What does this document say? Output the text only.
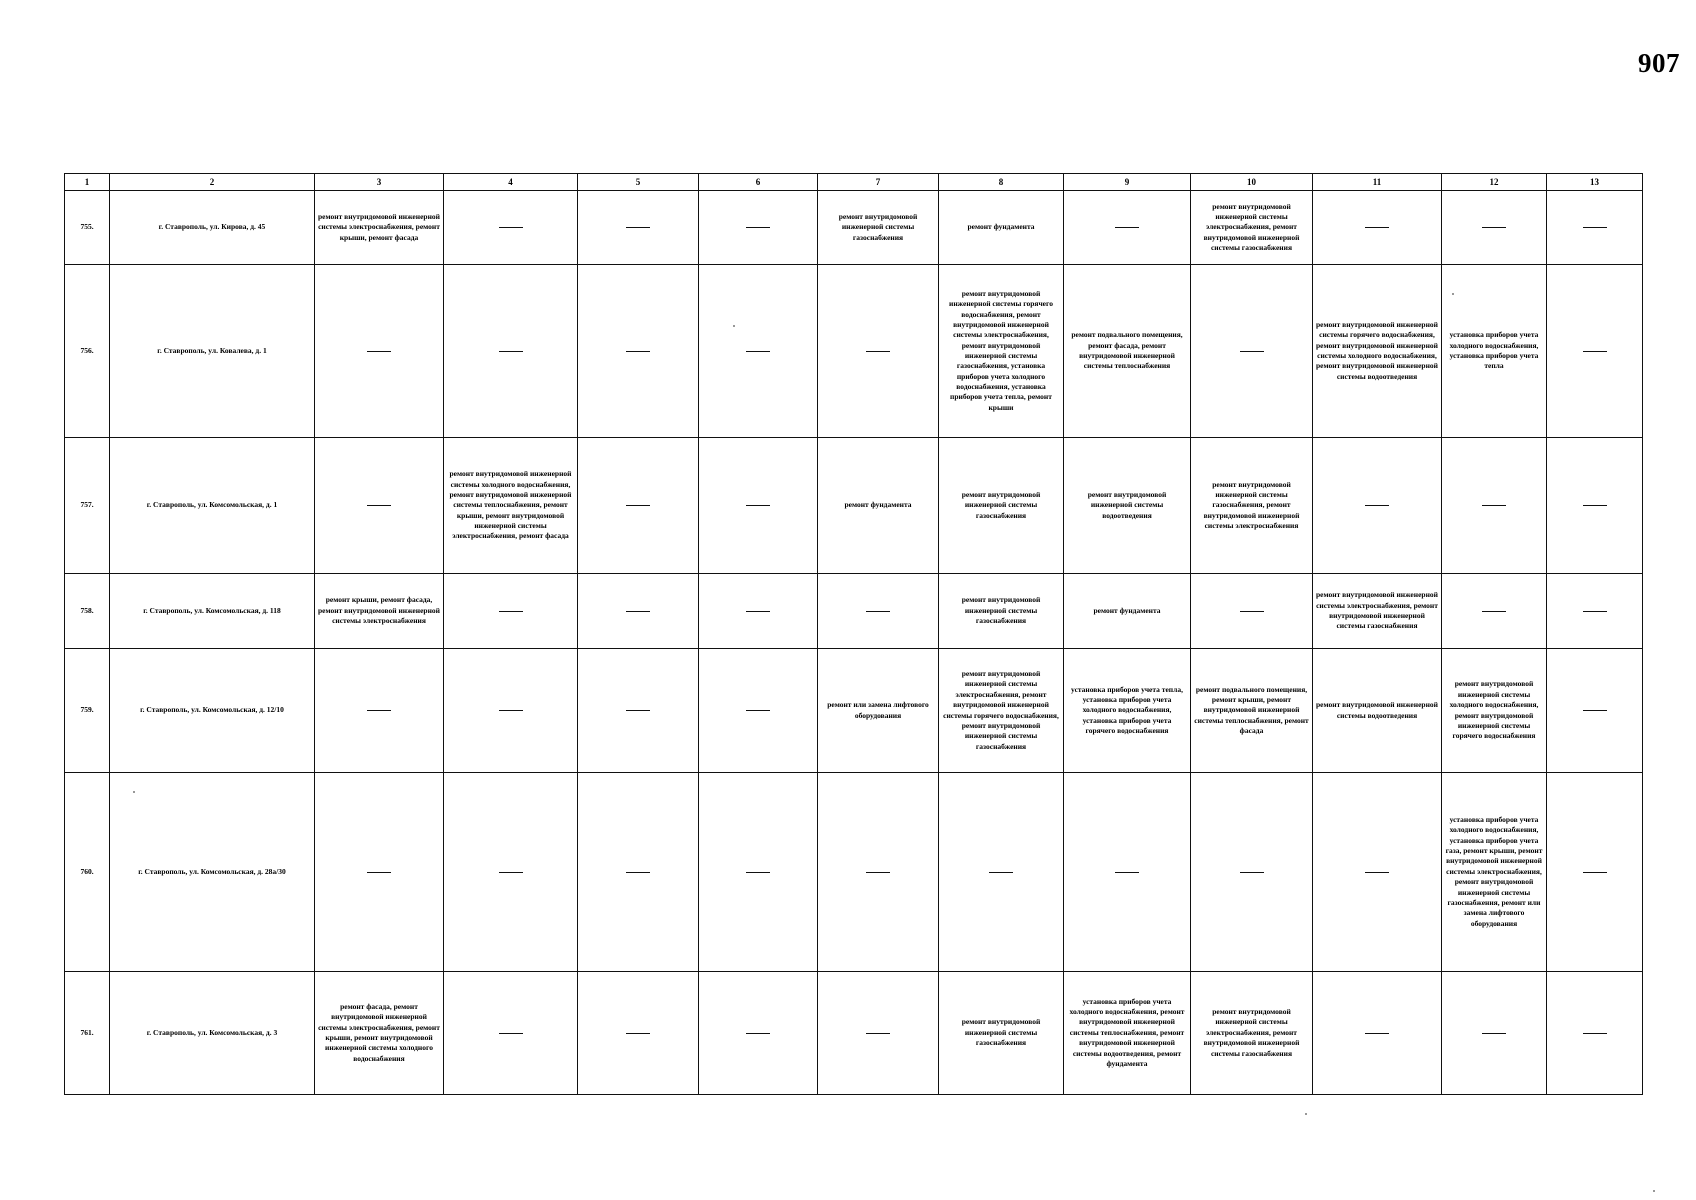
907
1	2	3	4	5	6	7	8	9	10	11	12	13
755.	г. Ставрополь, ул. Кирова, д. 45	ремонт внутридомовой инженерной системы электроснабжения, ремонт крыши, ремонт фасада				ремонт внутридомовой инженерной системы газоснабжения	ремонт фундамента		ремонт внутридомовой инженерной системы электроснабжения, ремонт внутридомовой инженерной системы газоснабжения			

756.	г. Ставрополь, ул. Ковалева, д. 1						ремонт внутридомовой инженерной системы горячего водоснабжения, ремонт внутридомовой инженерной системы электроснабжения, ремонт внутридомовой инженерной системы газоснабжения, установка приборов учета холодного водоснабжения, установка приборов учета тепла, ремонт крыши	ремонт подвального помещения, ремонт фасада, ремонт внутридомовой инженерной системы теплоснабжения		ремонт внутридомовой инженерной системы горячего водоснабжения, ремонт внутридомовой инженерной системы холодного водоснабжения, ремонт внутридомовой инженерной системы водоотведения	установка приборов учета холодного водоснабжения, установка приборов учета тепла	

757.	г. Ставрополь, ул. Комсомольская, д. 1		ремонт внутридомовой инженерной системы холодного водоснабжения, ремонт внутридомовой инженерной системы теплоснабжения, ремонт крыши, ремонт внутридомовой инженерной системы электроснабжения, ремонт фасада			ремонт фундамента	ремонт внутридомовой инженерной системы газоснабжения	ремонт внутридомовой инженерной системы водоотведения	ремонт внутридомовой инженерной системы газоснабжения, ремонт внутридомовой инженерной системы электроснабжения			

758.	г. Ставрополь, ул. Комсомольская, д. 118	ремонт крыши, ремонт фасада, ремонт внутридомовой инженерной системы электроснабжения					ремонт внутридомовой инженерной системы газоснабжения	ремонт фундамента		ремонт внутридомовой инженерной системы электроснабжения, ремонт внутридомовой инженерной системы газоснабжения		

759.	г. Ставрополь, ул. Комсомольская, д. 12/10					ремонт или замена лифтового оборудования	ремонт внутридомовой инженерной системы электроснабжения, ремонт внутридомовой инженерной системы горячего водоснабжения, ремонт внутридомовой инженерной системы газоснабжения	установка приборов учета тепла, установка приборов учета холодного водоснабжения, установка приборов учета горячего водоснабжения	ремонт подвального помещения, ремонт крыши, ремонт внутридомовой инженерной системы теплоснабжения, ремонт фасада	ремонт внутридомовой инженерной системы водоотведения	ремонт внутридомовой инженерной системы холодного водоснабжения, ремонт внутридомовой инженерной системы горячего водоснабжения	

760.	г. Ставрополь, ул. Комсомольская, д. 28а/30										установка приборов учета холодного водоснабжения, установка приборов учета газа, ремонт крыши, ремонт внутридомовой инженерной системы электроснабжения, ремонт внутридомовой инженерной системы газоснабжения, ремонт или замена лифтового оборудования	

761.	г. Ставрополь, ул. Комсомольская, д. 3	ремонт фасада, ремонт внутридомовой инженерной системы электроснабжения, ремонт крыши, ремонт внутридомовой инженерной системы холодного водоснабжения					ремонт внутридомовой инженерной системы газоснабжения	установка приборов учета холодного водоснабжения, ремонт внутридомовой инженерной системы теплоснабжения, ремонт внутридомовой инженерной системы водоотведения, ремонт фундамента	ремонт внутридомовой инженерной системы электроснабжения, ремонт внутридомовой инженерной системы газоснабжения			
